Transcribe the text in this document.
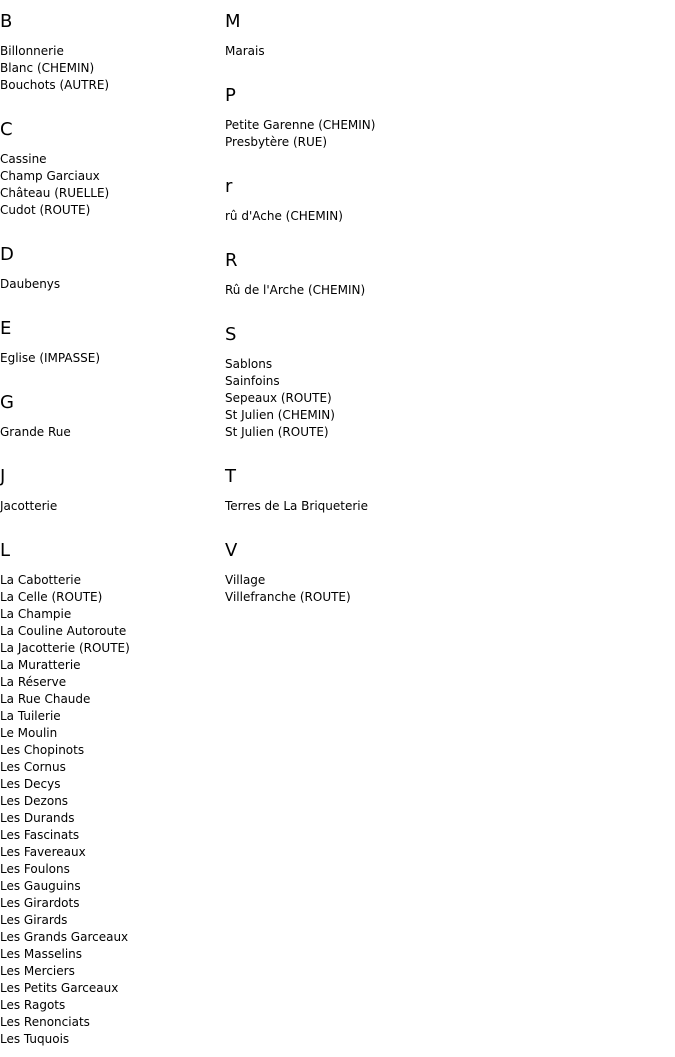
B
Billonnerie
Blanc (CHEMIN)
Bouchots (AUTRE)
C
Cassine
Champ Garciaux
Château (RUELLE)
Cudot (ROUTE)
D
Daubenys
E
Eglise (IMPASSE)
G
Grande Rue
J
Jacotterie
L
La Cabotterie
La Celle (ROUTE)
La Champie
La Couline Autoroute
La Jacotterie (ROUTE)
La Muratterie
La Réserve
La Rue Chaude
La Tuilerie
Le Moulin
Les Chopinots
Les Cornus
Les Decys
Les Dezons
Les Durands
Les Fascinats
Les Favereaux
Les Foulons
Les Gauguins
Les Girardots
Les Girards
Les Grands Garceaux
Les Masselins
Les Merciers
Les Petits Garceaux
Les Ragots
Les Renonciats
Les Tuquois
M
Marais
P
Petite Garenne (CHEMIN)
Presbytère (RUE)
r
rû d'Ache (CHEMIN)
R
Rû de l'Arche (CHEMIN)
S
Sablons
Sainfoins
Sepeaux (ROUTE)
St Julien (CHEMIN)
St Julien (ROUTE)
T
Terres de La Briqueterie
V
Village
Villefranche (ROUTE)
